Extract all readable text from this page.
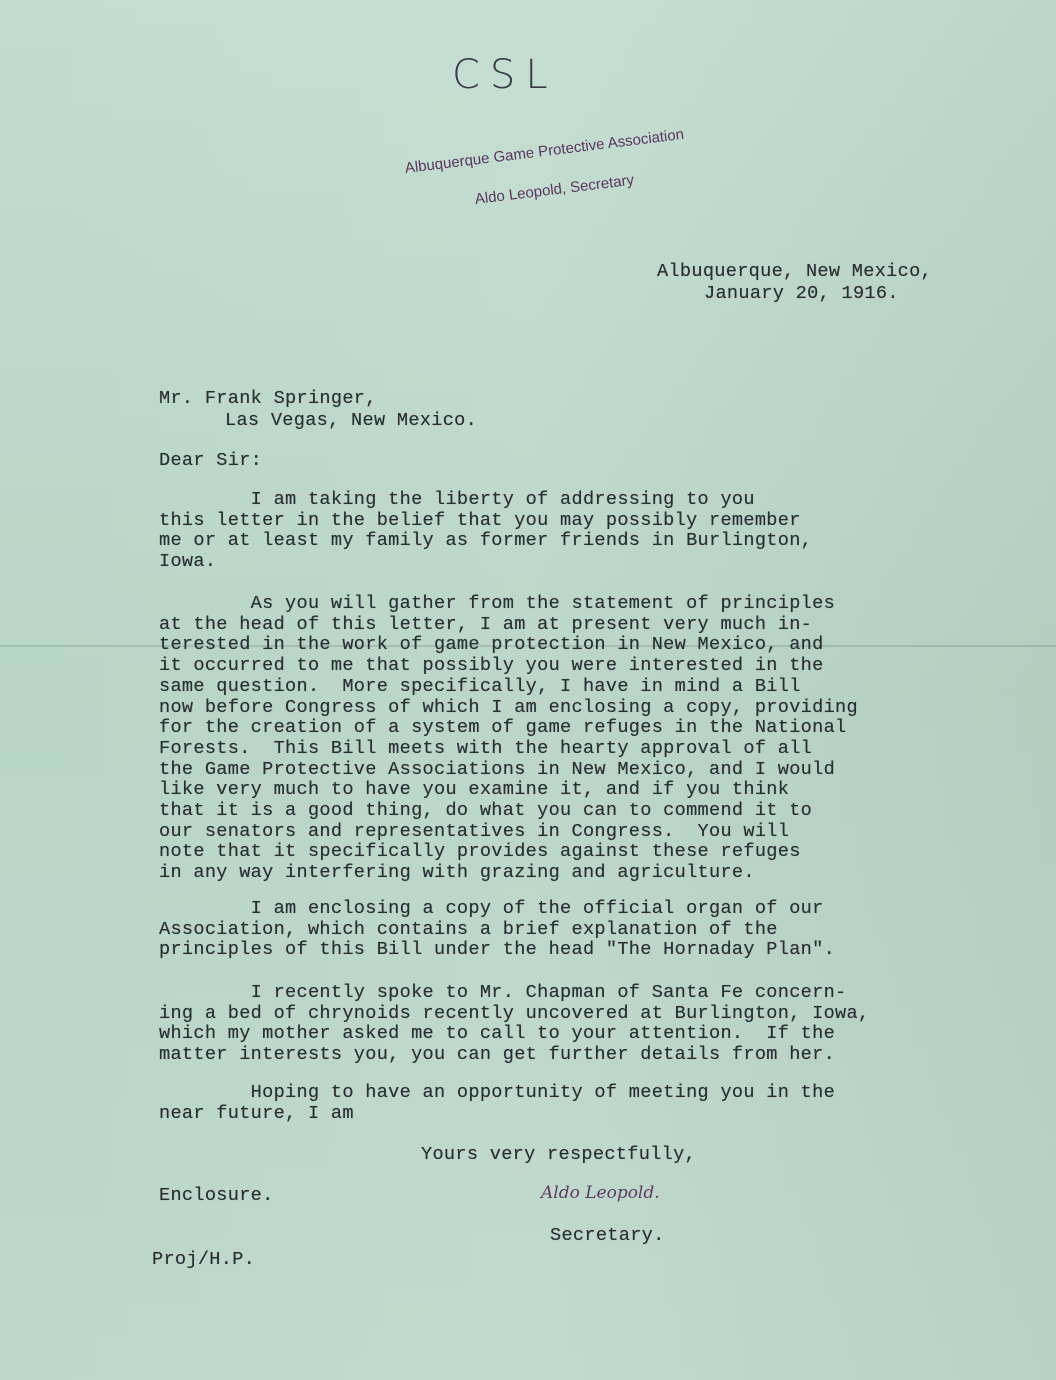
CSL
Albuquerque Game Protective Association
Aldo Leopold, Secretary
Albuquerque, New Mexico,
January 20, 1916.
Mr. Frank Springer,
Las Vegas, New Mexico.
Dear Sir:
I am taking the liberty of addressing to you
this letter in the belief that you may possibly remember
me or at least my family as former friends in Burlington,
Iowa.
As you will gather from the statement of principles
at the head of this letter, I am at present very much in-
terested in the work of game protection in New Mexico, and
it occurred to me that possibly you were interested in the
same question.  More specifically, I have in mind a Bill
now before Congress of which I am enclosing a copy, providing
for the creation of a system of game refuges in the National
Forests.  This Bill meets with the hearty approval of all
the Game Protective Associations in New Mexico, and I would
like very much to have you examine it, and if you think
that it is a good thing, do what you can to commend it to
our senators and representatives in Congress.  You will
note that it specifically provides against these refuges
in any way interfering with grazing and agriculture.
I am enclosing a copy of the official organ of our
Association, which contains a brief explanation of the
principles of this Bill under the head "The Hornaday Plan".
I recently spoke to Mr. Chapman of Santa Fe concern-
ing a bed of chrynoids recently uncovered at Burlington, Iowa,
which my mother asked me to call to your attention.  If the
matter interests you, you can get further details from her.
Hoping to have an opportunity of meeting you in the
near future, I am
Yours very respectfully,
Enclosure.	Aldo Leopold.
Secretary.
Proj/H.P.
